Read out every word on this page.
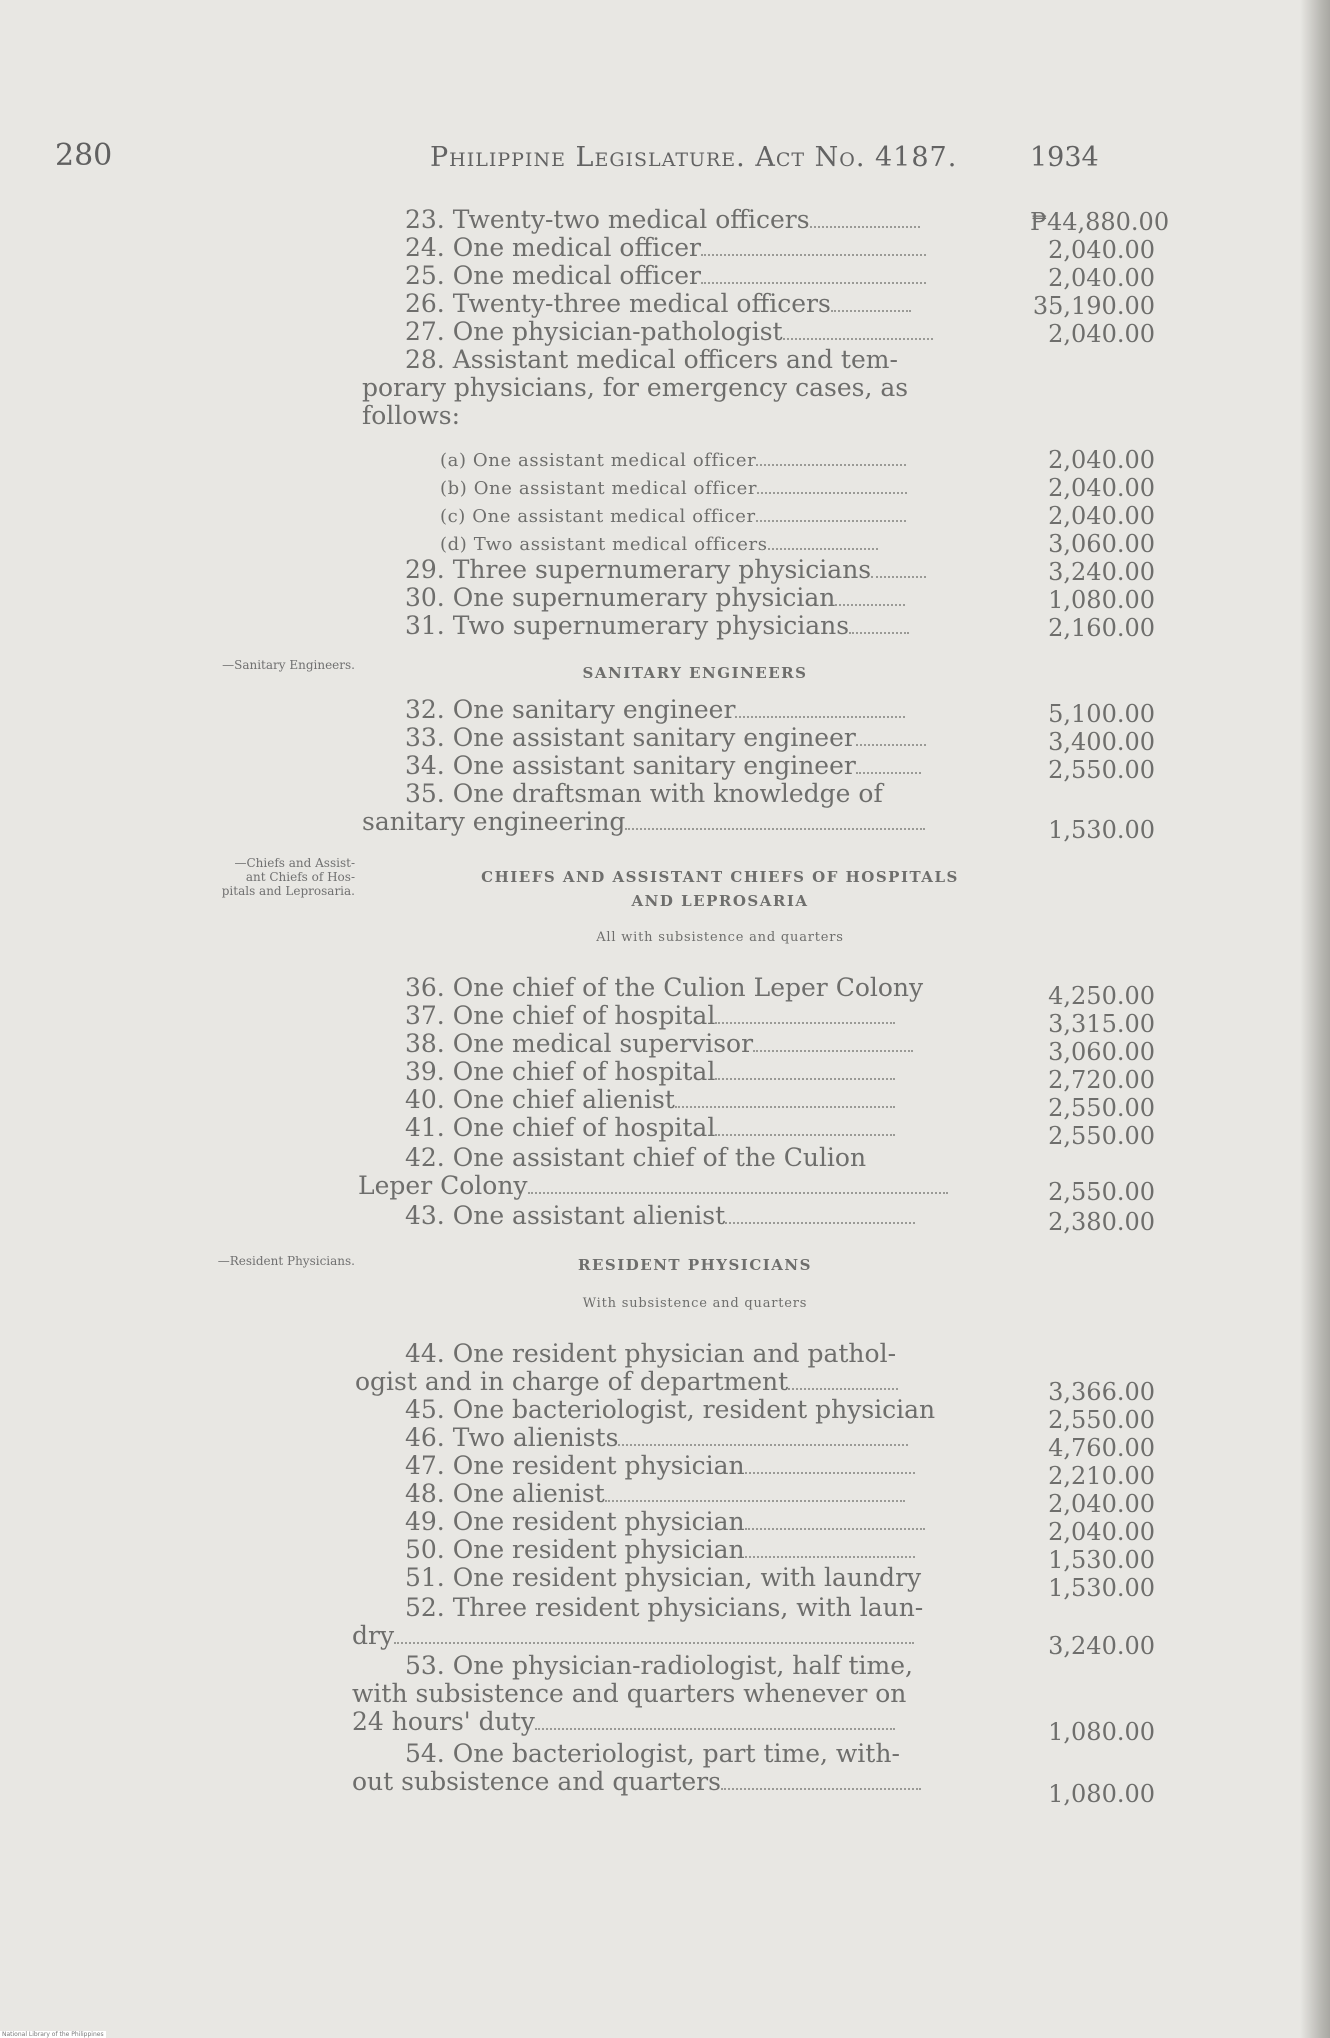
280	Philippine Legislature. Act No. 4187.	1934
23. Twenty-two medical officers	₱44,880.00
24. One medical officer	2,040.00
25. One medical officer	2,040.00
26. Twenty-three medical officers	35,190.00
27. One physician-pathologist	2,040.00
28. Assistant medical officers and tem-
porary physicians, for emergency cases, as
follows:
(a) One assistant medical officer	2,040.00
(b) One assistant medical officer	2,040.00
(c) One assistant medical officer	2,040.00
(d) Two assistant medical officers	3,060.00
29. Three supernumerary physicians	3,240.00
30. One supernumerary physician	1,080.00
31. Two supernumerary physicians	2,160.00
—Sanitary Engineers.	SANITARY ENGINEERS
32. One sanitary engineer	5,100.00
33. One assistant sanitary engineer	3,400.00
34. One assistant sanitary engineer	2,550.00
35. One draftsman with knowledge of
sanitary engineering	1,530.00
—Chiefs and Assist-
ant Chiefs of Hos-
pitals and Leprosaria.
CHIEFS AND ASSISTANT CHIEFS OF HOSPITALS
AND LEPROSARIA
All with subsistence and quarters
36. One chief of the Culion Leper Colony	4,250.00
37. One chief of hospital	3,315.00
38. One medical supervisor	3,060.00
39. One chief of hospital	2,720.00
40. One chief alienist	2,550.00
41. One chief of hospital	2,550.00
42. One assistant chief of the Culion
Leper Colony	2,550.00
43. One assistant alienist	2,380.00
—Resident Physicians.	RESIDENT PHYSICIANS
With subsistence and quarters
44. One resident physician and pathol-
ogist and in charge of department	3,366.00
45. One bacteriologist, resident physician	2,550.00
46. Two alienists	4,760.00
47. One resident physician	2,210.00
48. One alienist	2,040.00
49. One resident physician	2,040.00
50. One resident physician	1,530.00
51. One resident physician, with laundry	1,530.00
52. Three resident physicians, with laun-
dry	3,240.00
53. One physician-radiologist, half time,
with subsistence and quarters whenever on
24 hours' duty	1,080.00
54. One bacteriologist, part time, with-
out subsistence and quarters	1,080.00
National Library of the Philippines
